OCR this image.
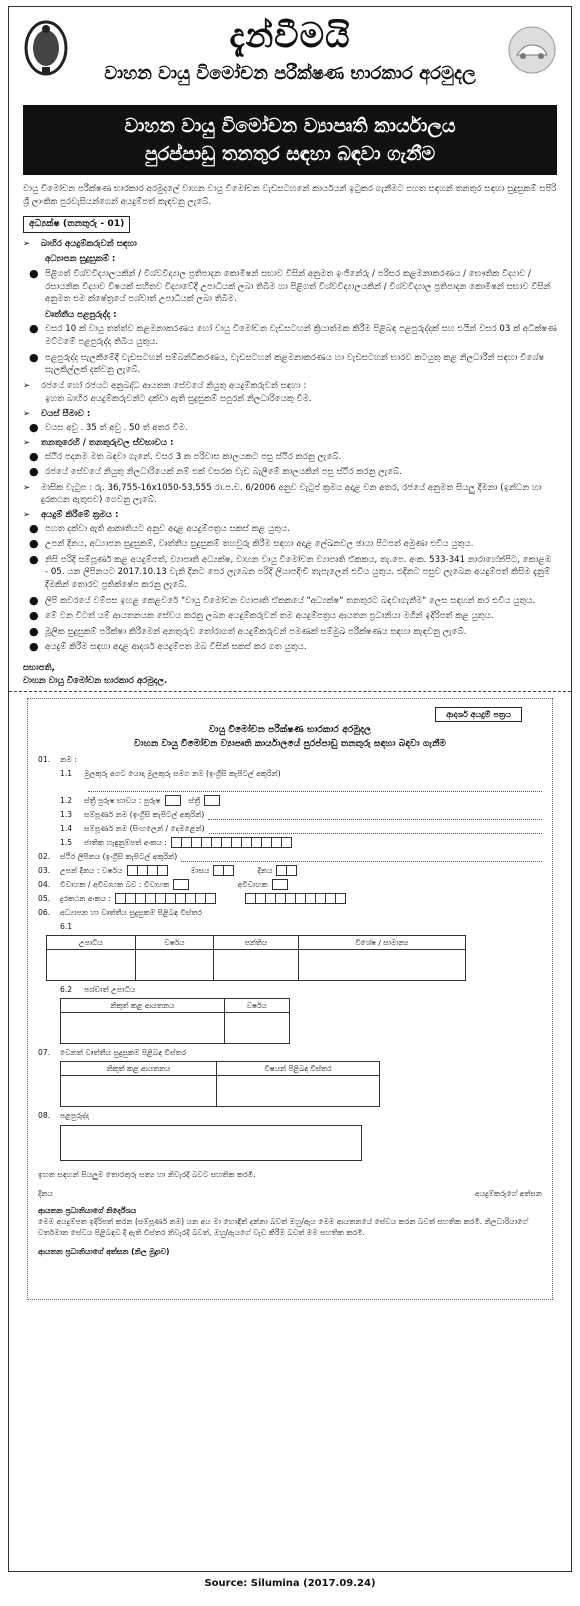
දැන්වීමයි
වාහන වායු විමෝචන පරීක්ෂණ භාරකාර අරමුදල
වාහන වායු විමෝචන ව්‍යාපෘති කාර්යාලය
පුරප්පාඩු තනතුර සඳහා බඳවා ගැනීම
වායු විමෝචන පරීක්ෂණ භාරකාර අරමුදලේ වාහන වායු විමෝචන වැඩසටහනේ කාර්යයන් ඉටුකර ගැනීමට පහත සඳහන් තනතුර සඳහා සුදුසුකම් සපිරි ශ්‍රී ලාංකික පුරවැසියන්ගෙන් අයදුම්පත් කැඳවනු ලැබේ.
අධ්‍යක්ෂ (තනතුරු - 01)
➢	බාහිර අයදුම්කරුවන් සඳහා
අධ්‍යාපන සුදුසුකම් :
● පිළිගත් විශ්වවිද්‍යාලයකින් / විශ්වවිද්‍යාල ප්‍රතිපාදන කොමිෂන් සභාව විසින් අනුමත ඉංජිනේරු / පරිසර කළමනාකරණය / භෞතික විද්‍යාව / රසායනික විද්‍යාව විෂයක් සහිතව විද්‍යාවේදී උපාධියක් ලබා තිබීම හා පිළිගත් විශ්වවිද්‍යාලයකින් / විශ්වවිද්‍යාල ප්‍රතිපාදන කොමිෂන් සභාව විසින් අනුමත එම ක්ෂේත්‍රයේ පශ්චාත් උපාධියක් ලබා තිබීම.
වෘත්තීය පළපුරුද්ද :
● වසර 10 ක් වායු තත්ත්ව කළමනාකරණය හෝ වායු විමෝචන වැඩසටහන් ක්‍රියාත්මක කිරීම පිළිබඳ පළපුරුද්දක් සහ එයින් වසර 03 ක් අධීක්ෂණ මට්ටමේ පළපුරුද්ද තිබිය යුතුය.
● පළපුරුද්ද සැලකීමේදී වැඩසටහන් සම්බන්ධීකරණය, වැඩසටහන් කළමනාකරණය හා වැඩසටහන් භාරව කටයුතු කළ නිලධාරීන් සඳහා විශේෂ සැලකිල්ලක් දක්වනු ලැබේ.
➢	රජයේ හෝ රජයට අනුබද්ධ ආයතන සේවයේ නියුතු අයදුම්කරුවන් සඳහා :
ඉහත බාහිර අයදුම්කරුවන්ට දක්වා ඇති සුදුසුකම් සපුරන් නිලධාරියෙකු වීම.
➢	වයස් සීමාව :
● වයස අවු . 35 ත් අවු . 50 ත් අතර වීම.
➢	තනතුරෙහි / තනතුරුවල ස්වභාවය :
● ස්ථිර පදනම මත බඳවා ගැනේ. වසර 3 ක පරිවාස කාලයකට පසු ස්ථිර කරනු ලැබේ.
● රජයේ සේවයේ නියුතු නිලධාරියෙක් නම් එක් වසරක වැඩ බැලීමේ කාලයකින් පසු ස්ථිර කරනු ලැබේ.
➢	මාසික වැටුප : රු. 36,755-16x1050-53,555 රා.ප.ච. 6/2006 අනුව වැටුප් ක්‍රමය අදාළ වන අතර, රජයේ අනුමත සියලු දීමනා (ඉන්ධන හා දුරකථන ඇතුළුව) ගෙවනු ලැබේ.
➢	අයදුම් කිරීමේ ක්‍රමය :
● පහත දක්වා ඇති ආකෘතියට අනුව අදාළ අයදුම්පත්‍රය සකස් කළ යුතුය.
● උපන් දිනය, අධ්‍යාපන සුදුසුකම්, වෘත්තීය සුදුසුකම් තහවුරු කිරීම සඳහා අදාළ ලේඛනවල ඡායා පිටපත් අමුණා එවිය යුතුය.
● නිසි පරිදි සම්පූර්ණ කළ අයදුම්පත්, ව්‍යාපෘති අධ්‍යක්ෂ, වාහන වායු විමෝචන ව්‍යාපෘති ඒකකය, තැ.පෙ. අංක. 533-341 නාරාහේන්පිට, කොළඹ - 05. යන ලිපිනයට 2017.10.13 වැනි දිනට පෙර ලැබෙන පරිදි ලියාපදිංචි තැපැලෙන් එවිය යුතුය. එදිනට පසුව ලැබෙන අයදුම්පත් කිසිම දැනුම් දීමකින් තොරව ප්‍රතික්ෂේප කරනු ලැබේ.
● ලිපි කවරයේ වම්පස ඉහළ කෙළවරේ "වායු විමෝචන ව්‍යාපෘති ඒකකයේ "අධ්‍යක්ෂ" තනතුරට බඳවාගැනීම" ලෙස සඳහන් කර එවිය යුතුය.
● මේ වන විටත් යම් ආයතනයක සේවය කරනු ලබන අයදුම්කරුවන් තම අයදුම්පත්‍රය ආයතන ප්‍රධානියා මගින් ඉදිරිපත් කළ යුතුය.
● මූලික සුදුසුකම් පරීක්ෂා කිරීමෙන් අනතුරුව තෝරාගත් අයදුම්කරුවන් පමණක් සම්මුඛ පරීක්ෂණය සඳහා කැඳවනු ලැබේ.
● අයදුම් කිරීම සඳහා අදාළ ආදර්ශ අයදුම්පත ඔබ විසින් සකස් කර ගත යුතුය.
සභාපති,
වාහන වායු විමෝචන භාරකාර අරමුදල.
ආදර්ශ අයදුම් පත්‍රය
වායු විමෝචන පරීක්ෂණ භාරකාර අරමුදල
වාහන වායු විමෝචන ව්‍යාපෘති කාර්යාලයේ පුරප්පාඩු තනතුරු සඳහා බඳවා ගැනීම
01.	නම :
1.1	මුලකුරු අගට යොදා මුලකුරු සමග නම (ඉංග්‍රීසි කැපිටල් අකුරින්)
1.2	ස්ත්‍රී පුරුෂ භාවය : පුරුෂ	ස්ත්‍රී
1.3	සම්පූර්ණ නම (ඉංග්‍රීසි කැපිටල් අකුරින්)
1.4	සම්පූර්ණ නම (සිංහලෙන් / දෙමළෙන්)
1.5	ජාතික හැඳුනුම්පත් අංකය :
02.	ස්ථිර ලිපිනය (ඉංග්‍රීසි කැපිටල් අකුරින්)
03.	උපන් දිනය : වර්ෂය	මාසය	දිනය
04.	විවාහක / අවිවාහක බව : විවාහක	අවිවාහක
05.	දුරකථන අංකය :
06.	අධ්‍යාපන හා වෘත්තීය සුදුසුකම් පිළිබඳ විස්තර
6.1
උපාධිය	වර්ෂය	පන්තිය	විශේෂ / සාමාන්‍ය

6.2	පශ්චාත් උපාධිය
නිකුත් කළ ආයතනය	වර්ෂය

07.	වෙනත් වෘත්තීය සුදුසුකම් පිළිබඳ විස්තර
නිකුත් කළ ආයතනය	විෂයන් පිළිබඳ විස්තර

08.	පළපුරුද්ද
ඉහත සඳහන් සියලුම තොරතුරු සත්‍ය හා නිවැරදි බවට සහතික කරමි.
දිනය	අයදුම්කරුගේ අත්සන
ආයතන ප්‍රධානියාගේ නිර්දේශය
මෙම අයදුම්පත ඉදිරිපත් කරන (සම්පූර්ණ නම) යන අය මා හොඳින් දන්නා බවත් ඔහු/ඇය මෙම ආයතනයේ සේවය කරන බවත් සහතික කරමි. නිලධාරියාගේ වර්තමාන සේවය පිළිබඳව දී ඇති විස්තර නිවැරදි බවත්, ඔහු/ඇයගේ වැඩ කිරීම බවත් මම සහතික කරමි.
ආයතන ප්‍රධානියාගේ අත්සන (නිල මුද්‍රාව)
Source: Silumina (2017.09.24)
